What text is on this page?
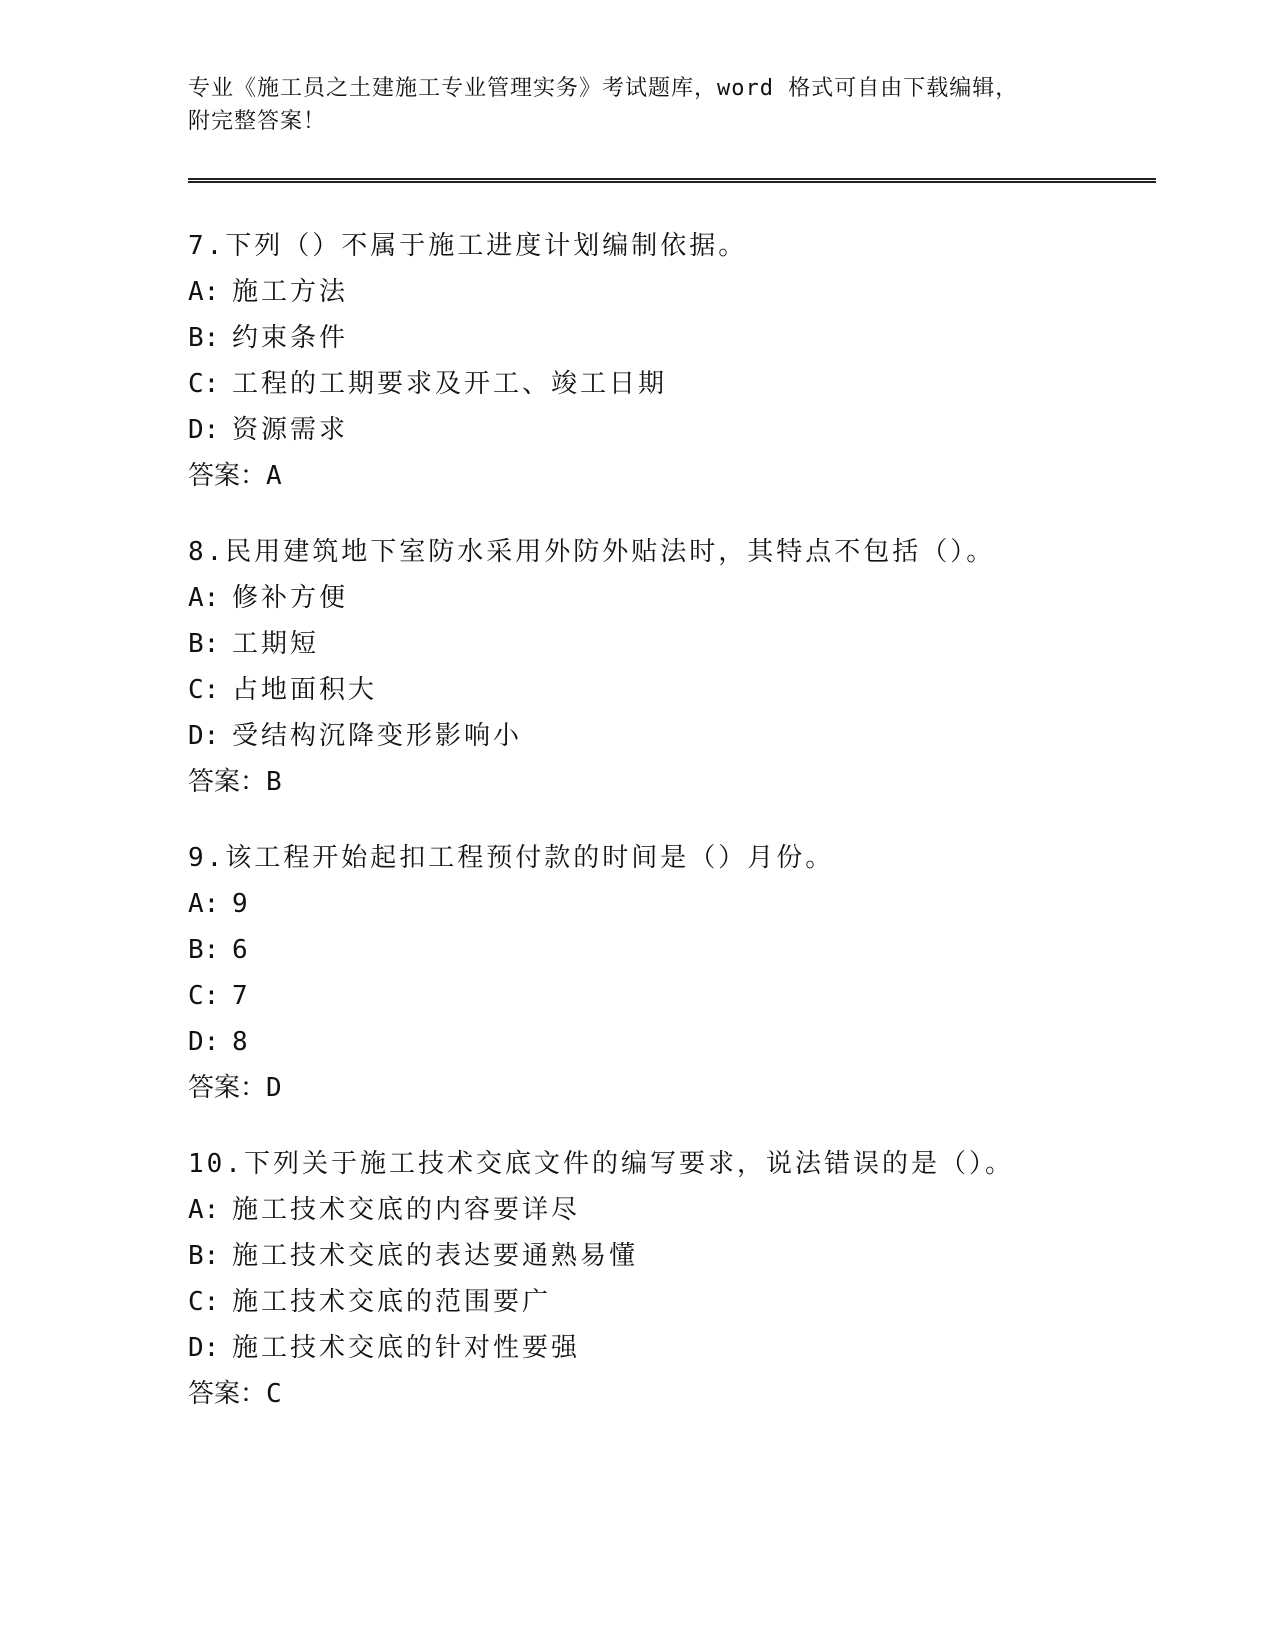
专业《施工员之土建施工专业管理实务》考试题库，word 格式可自由下载编辑，
附完整答案！
7.下列（）不属于施工进度计划编制依据。
A: 施工方法
B: 约束条件
C: 工程的工期要求及开工、竣工日期
D: 资源需求
答案：A
8.民用建筑地下室防水采用外防外贴法时，其特点不包括（）。
A: 修补方便
B: 工期短
C: 占地面积大
D: 受结构沉降变形影响小
答案：B
9.该工程开始起扣工程预付款的时间是（）月份。
A: 9
B: 6
C: 7
D: 8
答案：D
10.下列关于施工技术交底文件的编写要求，说法错误的是（）。
A: 施工技术交底的内容要详尽
B: 施工技术交底的表达要通熟易懂
C: 施工技术交底的范围要广
D: 施工技术交底的针对性要强
答案：C
